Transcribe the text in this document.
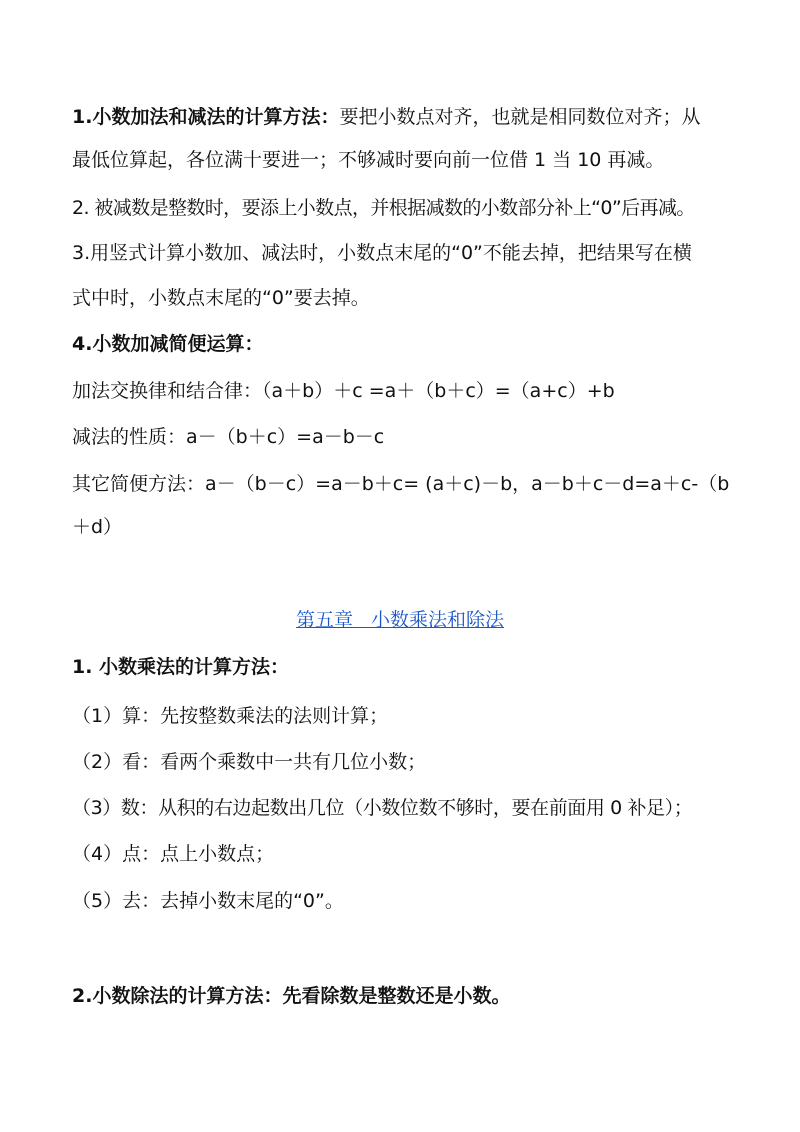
1.小数加法和减法的计算方法：要把小数点对齐，也就是相同数位对齐；从
最低位算起，各位满十要进一；不够减时要向前一位借 1 当 10 再减。
2. 被减数是整数时，要添上小数点，并根据减数的小数部分补上“0”后再减。
3.用竖式计算小数加、减法时，小数点末尾的“0”不能去掉，把结果写在横
式中时，小数点末尾的“0”要去掉。
4.小数加减简便运算：
加法交换律和结合律：（a＋b）＋c =a＋（b＋c）=（a+c）+b
减法的性质：a－（b＋c）=a－b－c
其它简便方法：a－（b－c）=a－b＋c= (a＋c)－b，a－b＋c－d=a＋c-（b
＋d）
第五章   小数乘法和除法
1. 小数乘法的计算方法：
（1）算：先按整数乘法的法则计算；
（2）看：看两个乘数中一共有几位小数；
（3）数：从积的右边起数出几位（小数位数不够时，要在前面用 0 补足）；
（4）点：点上小数点；
（5）去：去掉小数末尾的“0”。
2.小数除法的计算方法：先看除数是整数还是小数。
